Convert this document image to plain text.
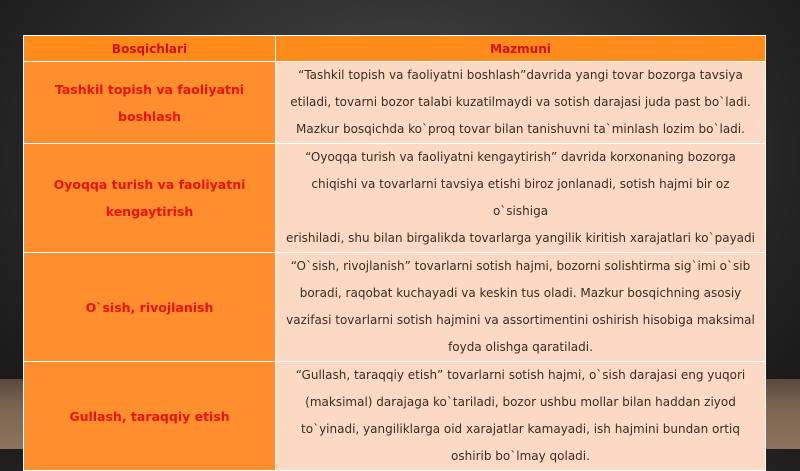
Bosqichlari	Mazmuni
Tashkil topish va faoliyatni boshlash	“Tashkil topish va faoliyatni boshlash”davrida yangi tovar bozorga tavsiya
etiladi, tovarni bozor talabi kuzatilmaydi va sotish darajasi juda past bo`ladi.
Mazkur bosqichda ko`proq tovar bilan tanishuvni ta`minlash lozim bo`ladi.

Oyoqqa turish va faoliyatni kengaytirish	“Oyoqqa turish va faoliyatni kengaytirish” davrida korxonaning bozorga
chiqishi va tovarlarni tavsiya etishi biroz jonlanadi, sotish hajmi bir oz o`sishiga
erishiladi, shu bilan birgalikda tovarlarga yangilik kiritish xarajatlari ko`payadi

O`sish, rivojlanish	“O`sish, rivojlanish” tovarlarni sotish hajmi, bozorni solishtirma sig`imi o`sib
boradi, raqobat kuchayadi va keskin tus oladi. Mazkur bosqichning asosiy
vazifasi tovarlarni sotish hajmini va assortimentini oshirish hisobiga maksimal
foyda olishga qaratiladi.

Gullash, taraqqiy etish	“Gullash, taraqqiy etish” tovarlarni sotish hajmi, o`sish darajasi eng yuqori
(maksimal) darajaga ko`tariladi, bozor ushbu mollar bilan haddan ziyod
to`yinadi, yangiliklarga oid xarajatlar kamayadi, ish hajmini bundan ortiq
oshirib bo`lmay qoladi.
